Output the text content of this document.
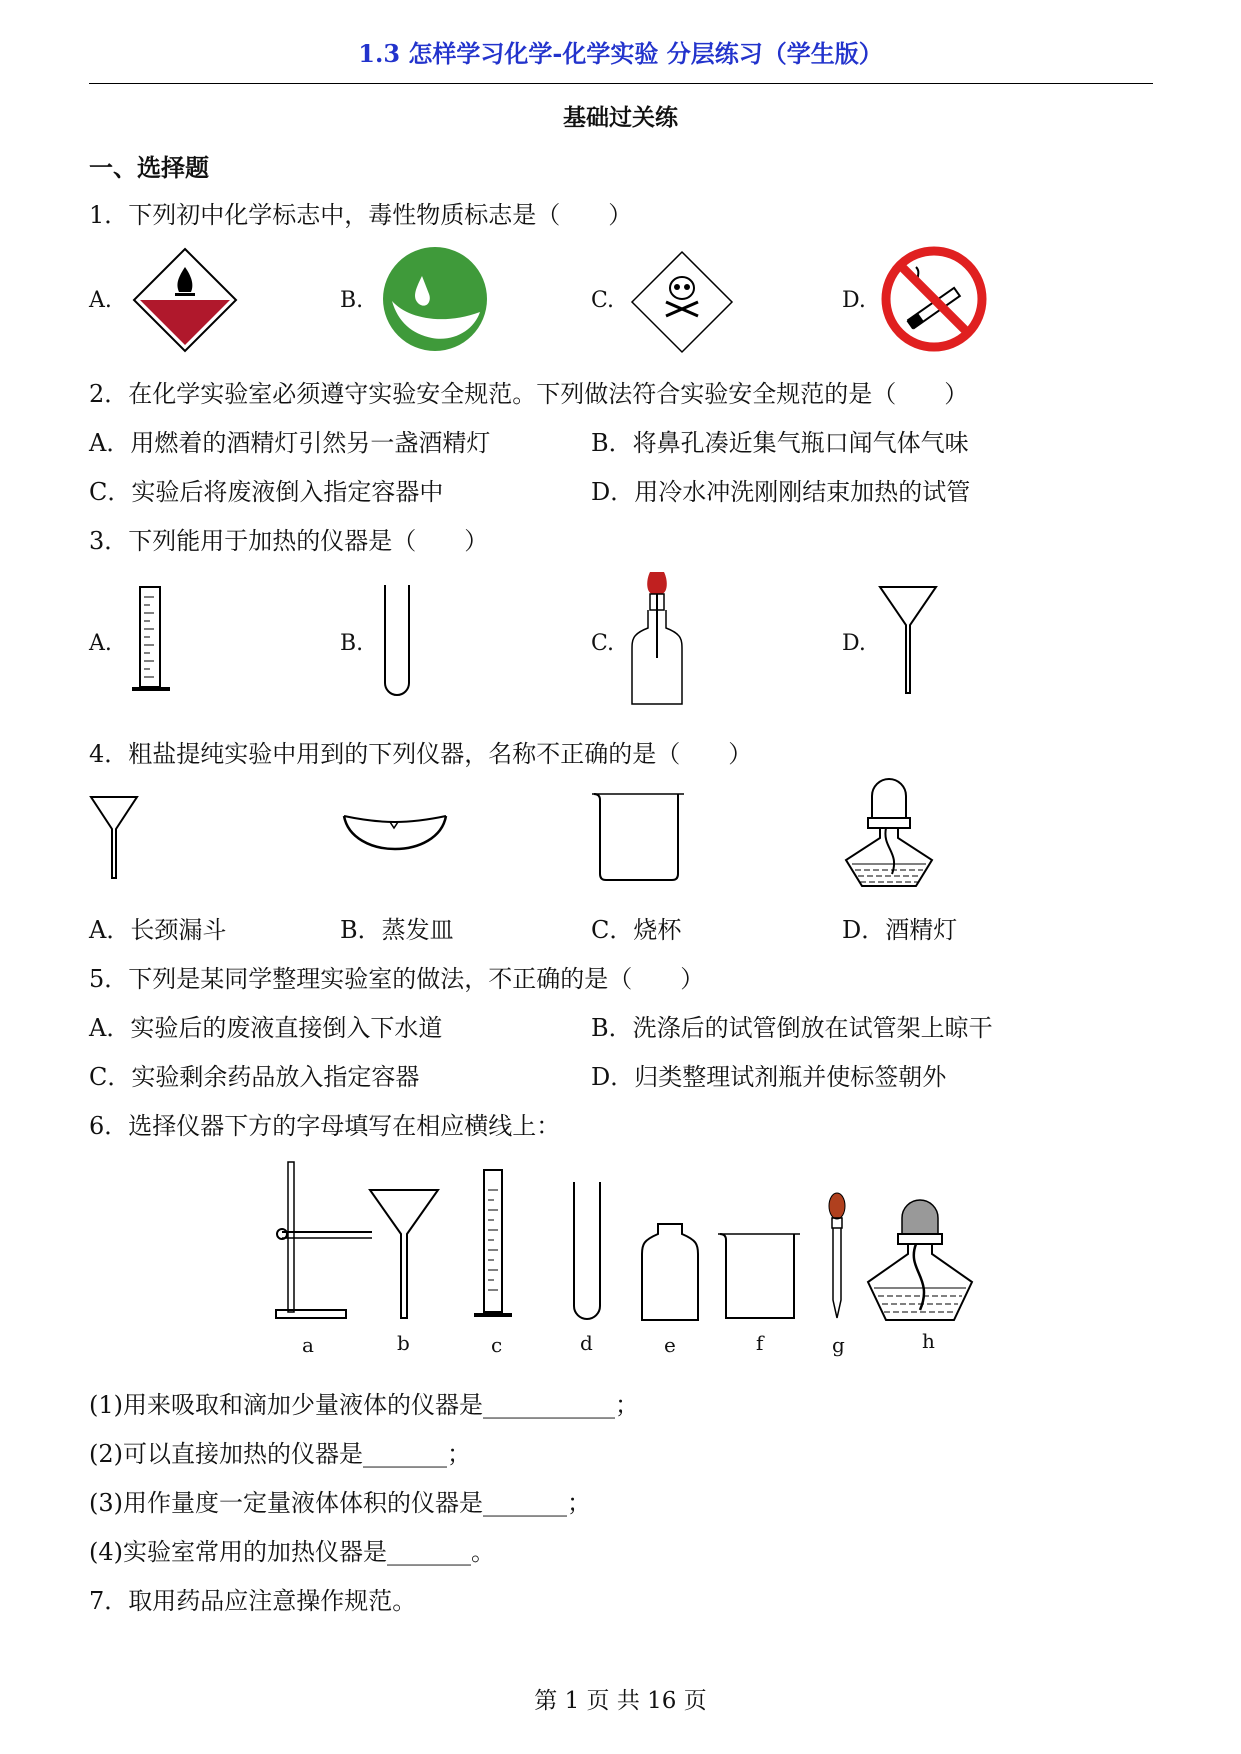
1.3 怎样学习化学-化学实验 分层练习（学生版）
基础过关练
一、选择题
1．下列初中化学标志中，毒性物质标志是（　　）
A.	B.	C.	D.
2．在化学实验室必须遵守实验安全规范。下列做法符合实验安全规范的是（　　）
A．用燃着的酒精灯引然另一盏酒精灯	B．将鼻孔凑近集气瓶口闻气体气味
C．实验后将废液倒入指定容器中	D．用冷水冲洗刚刚结束加热的试管
3．下列能用于加热的仪器是（　　）
A.	B.	C.	D.
4．粗盐提纯实验中用到的下列仪器，名称不正确的是（　　）
A．长颈漏斗	B．蒸发皿	C．烧杯	D．酒精灯
5．下列是某同学整理实验室的做法，不正确的是（　　）
A．实验后的废液直接倒入下水道	B．洗涤后的试管倒放在试管架上晾干
C．实验剩余药品放入指定容器	D．归类整理试剂瓶并使标签朝外
6．选择仪器下方的字母填写在相应横线上：
a	b	c	d	e	f	g	h
(1)用来吸取和滴加少量液体的仪器是___________；
(2)可以直接加热的仪器是_______；
(3)用作量度一定量液体体积的仪器是_______；
(4)实验室常用的加热仪器是_______。
7．取用药品应注意操作规范。
第 1 页 共 16 页
